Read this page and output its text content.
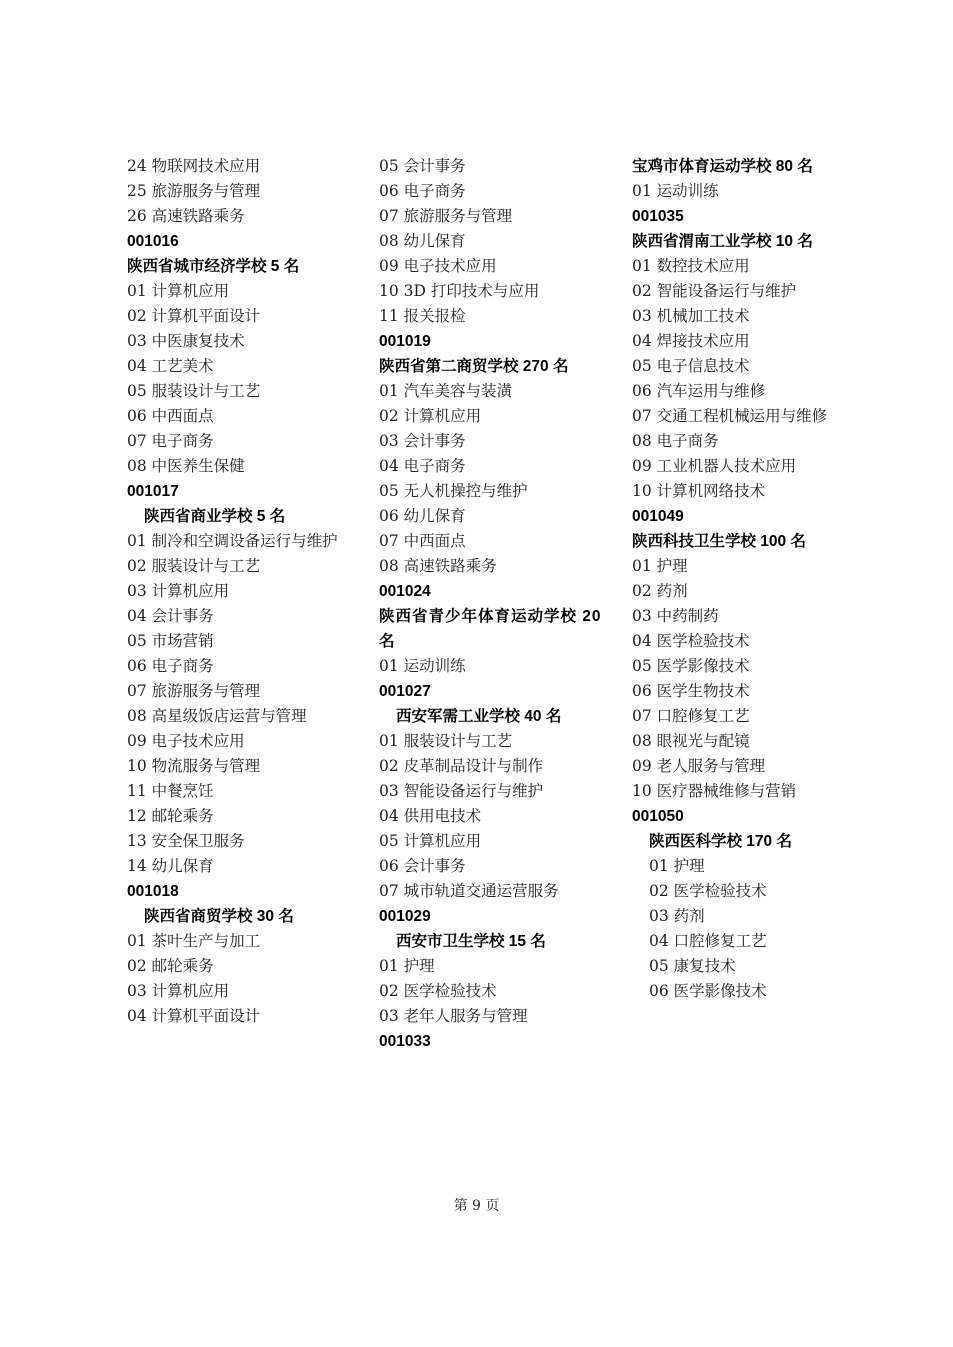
24 物联网技术应用
25 旅游服务与管理
26 高速铁路乘务
001016
陕西省城市经济学校 5 名
01 计算机应用
02 计算机平面设计
03 中医康复技术
04 工艺美术
05 服装设计与工艺
06 中西面点
07 电子商务
08 中医养生保健
001017
陕西省商业学校 5 名
01 制冷和空调设备运行与维护
02 服装设计与工艺
03 计算机应用
04 会计事务
05 市场营销
06 电子商务
07 旅游服务与管理
08 高星级饭店运营与管理
09 电子技术应用
10 物流服务与管理
11 中餐烹饪
12 邮轮乘务
13 安全保卫服务
14 幼儿保育
001018
陕西省商贸学校 30 名
01 茶叶生产与加工
02 邮轮乘务
03 计算机应用
04 计算机平面设计
05 会计事务
06 电子商务
07 旅游服务与管理
08 幼儿保育
09 电子技术应用
10 3D 打印技术与应用
11 报关报检
001019
陕西省第二商贸学校 270 名
01 汽车美容与装潢
02 计算机应用
03 会计事务
04 电子商务
05 无人机操控与维护
06 幼儿保育
07 中西面点
08 高速铁路乘务
001024
陕西省青少年体育运动学校 20 名
01 运动训练
001027
西安军需工业学校 40 名
01 服装设计与工艺
02 皮革制品设计与制作
03 智能设备运行与维护
04 供用电技术
05 计算机应用
06 会计事务
07 城市轨道交通运营服务
001029
西安市卫生学校 15 名
01 护理
02 医学检验技术
03 老年人服务与管理
001033
宝鸡市体育运动学校 80 名
01 运动训练
001035
陕西省渭南工业学校 10 名
01 数控技术应用
02 智能设备运行与维护
03 机械加工技术
04 焊接技术应用
05 电子信息技术
06 汽车运用与维修
07 交通工程机械运用与维修
08 电子商务
09 工业机器人技术应用
10 计算机网络技术
001049
陕西科技卫生学校 100 名
01 护理
02 药剂
03 中药制药
04 医学检验技术
05 医学影像技术
06 医学生物技术
07 口腔修复工艺
08 眼视光与配镜
09 老人服务与管理
10 医疗器械维修与营销
001050
陕西医科学校 170 名
01 护理
02 医学检验技术
03 药剂
04 口腔修复工艺
05 康复技术
06 医学影像技术
第 9 页
